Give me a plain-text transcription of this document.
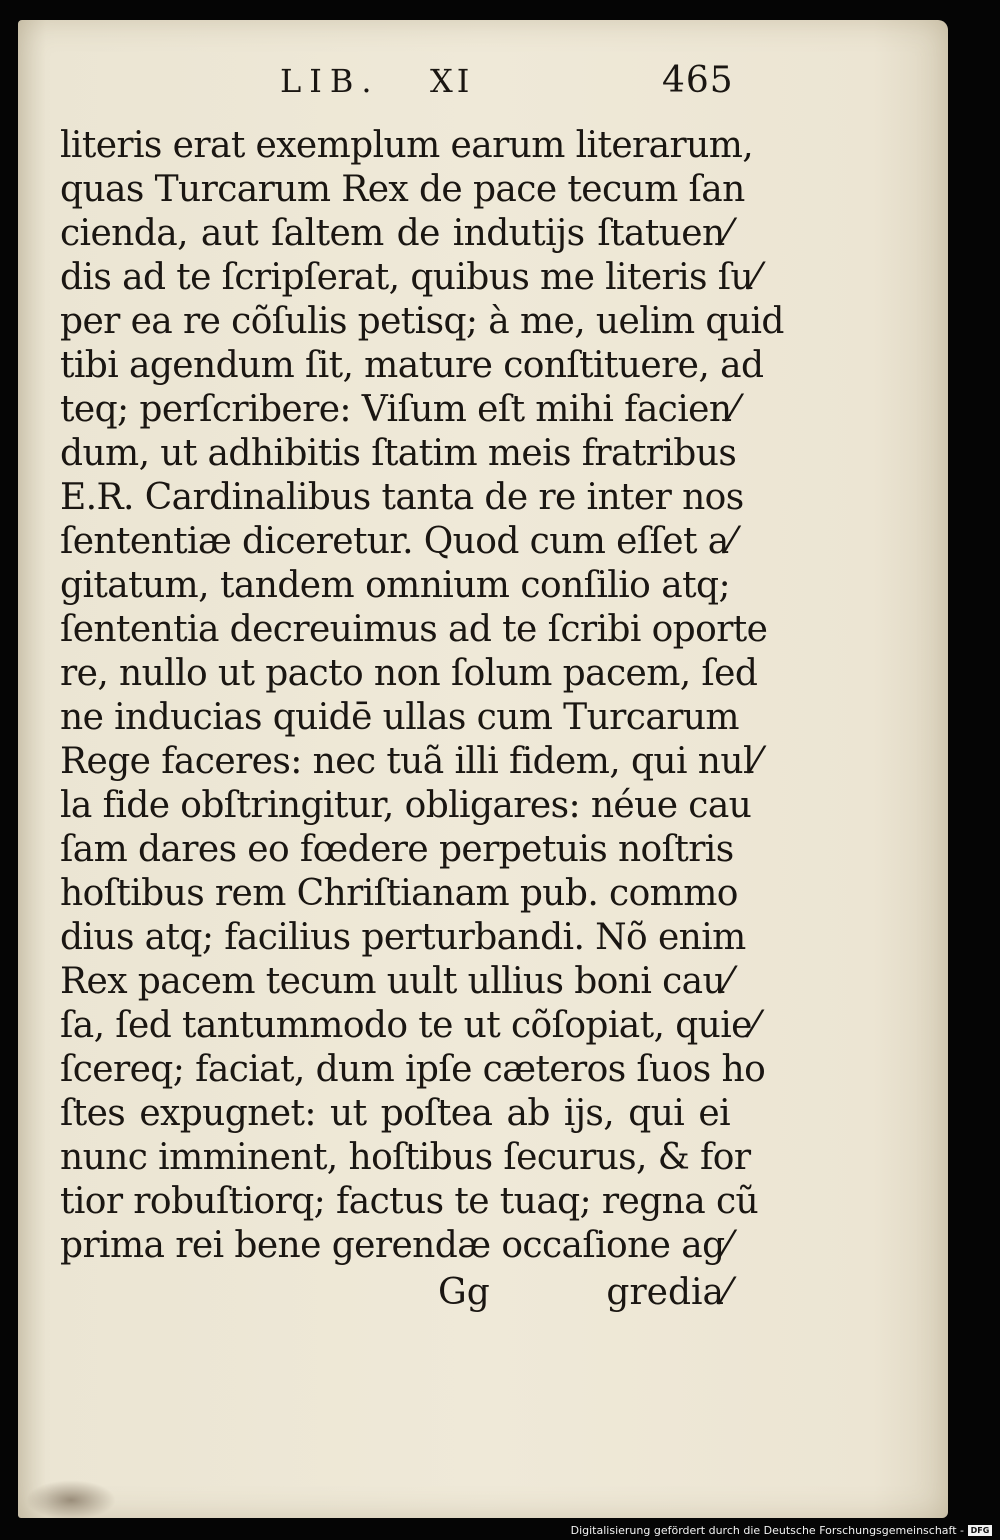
LIB. XI	465
literis erat exemplum earum literarum,
quas Turcarum Rex de pace tecum ſan
cienda, aut ſaltem de indutijs ſtatuen⁄
dis ad te ſcripſerat, quibus me literis ſu⁄
per ea re cõſulis petisq; à me, uelim quid
tibi agendum ſit, mature conſtituere, ad
teq; perſcribere: Viſum eſt mihi facien⁄
dum, ut adhibitis ſtatim meis fratribus
E.R. Cardinalibus tanta de re inter nos
ſententiæ diceretur. Quod cum eſſet a⁄
gitatum, tandem omnium conſilio atq;
ſententia decreuimus ad te ſcribi oporte
re, nullo ut pacto non ſolum pacem, ſed
ne inducias quidē ullas cum Turcarum
Rege faceres: nec tuã illi fidem, qui nul⁄
la fide obſtringitur, obligares: néue cau
ſam dares eo fœdere perpetuis noſtris
hoſtibus rem Chriſtianam pub. commo
dius atq; facilius perturbandi. Nõ enim
Rex pacem tecum uult ullius boni cau⁄
ſa, ſed tantummodo te ut cõſopiat, quie⁄
ſcereq; faciat, dum ipſe cæteros ſuos ho
ſtes expugnet: ut poſtea ab ijs, qui ei
nunc imminent, hoſtibus ſecurus, & for
tior robuſtiorq; factus te tuaq; regna cũ
prima rei bene gerendæ occaſione ag⁄
Gg	gredia⁄
Digitalisierung gefördert durch die Deutsche Forschungsgemeinschaft - DFG
